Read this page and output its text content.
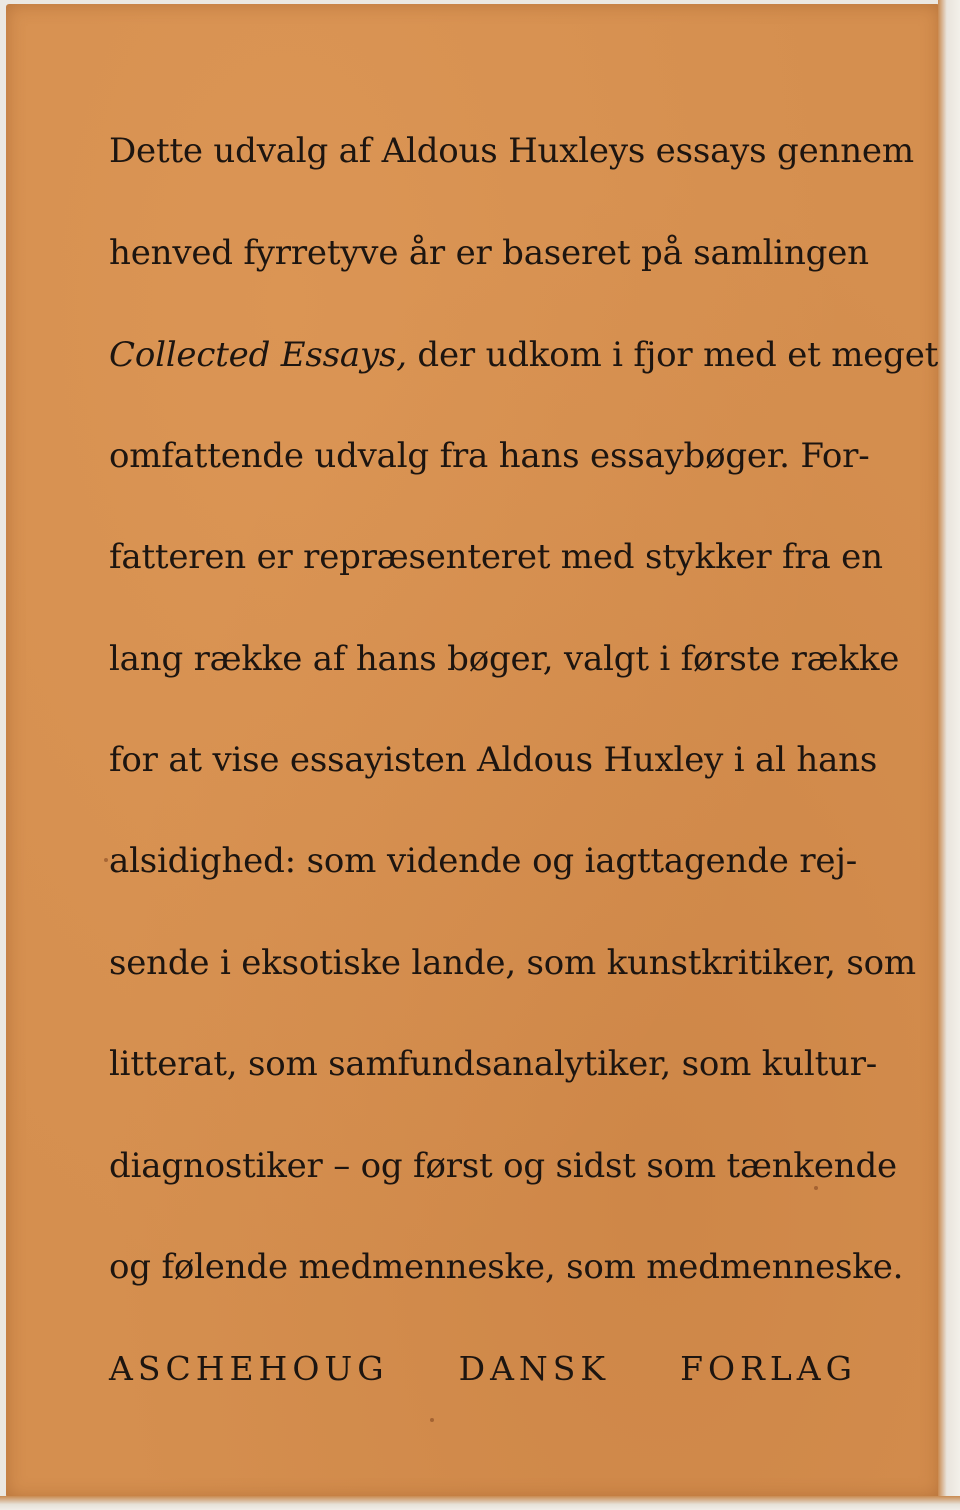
Dette udvalg af Aldous Huxleys essays gennem
henved fyrretyve år er baseret på samlingen
Collected Essays, der udkom i fjor med et meget
omfattende udvalg fra hans essaybøger. For-
fatteren er repræsenteret med stykker fra en
lang række af hans bøger, valgt i første række
for at vise essayisten Aldous Huxley i al hans
alsidighed: som vidende og iagttagende rej-
sende i eksotiske lande, som kunstkritiker, som
litterat, som samfundsanalytiker, som kultur-
diagnostiker – og først og sidst som tænkende
og følende medmenneske, som medmenneske.
ASCHEHOUG DANSK FORLAG
